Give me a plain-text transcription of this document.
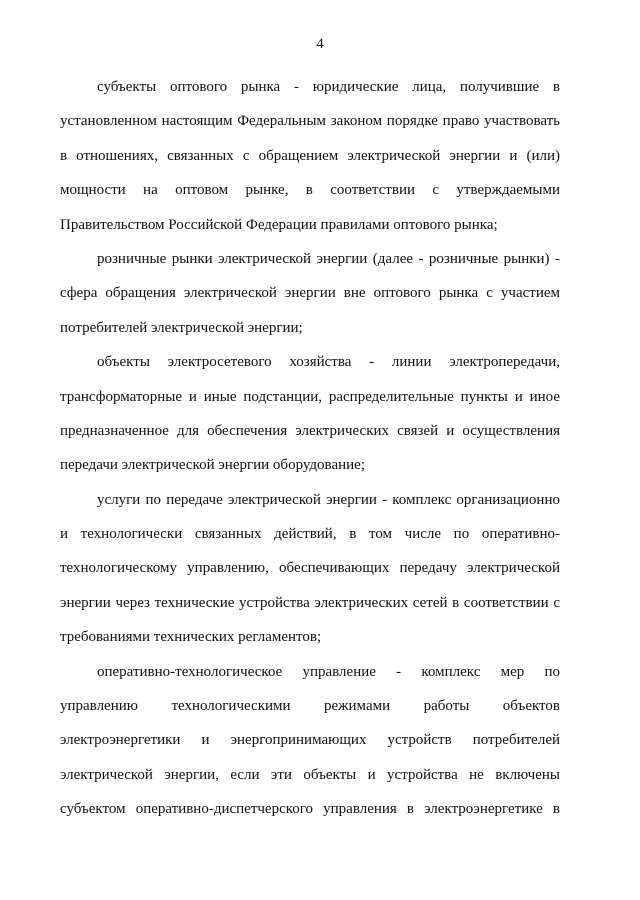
4
субъекты оптового рынка - юридические лица, получившие в
установленном настоящим Федеральным законом порядке право участвовать
в отношениях, связанных с обращением электрической энергии и (или)
мощности на оптовом рынке, в соответствии с утверждаемыми
Правительством Российской Федерации правилами оптового рынка;
розничные рынки электрической энергии (далее - розничные рынки) -
сфера обращения электрической энергии вне оптового рынка с участием
потребителей электрической энергии;
объекты электросетевого хозяйства - линии электропередачи,
трансформаторные и иные подстанции, распределительные пункты и иное
предназначенное для обеспечения электрических связей и осуществления
передачи электрической энергии оборудование;
услуги по передаче электрической энергии - комплекс организационно
и технологически связанных действий, в том числе по оперативно-
технологическому управлению, обеспечивающих передачу электрической
энергии через технические устройства электрических сетей в соответствии с
требованиями технических регламентов;
оперативно-технологическое управление - комплекс мер по
управлению технологическими режимами работы объектов
электроэнергетики и энергопринимающих устройств потребителей
электрической энергии, если эти объекты и устройства не включены
субъектом оперативно-диспетчерского управления в электроэнергетике в
